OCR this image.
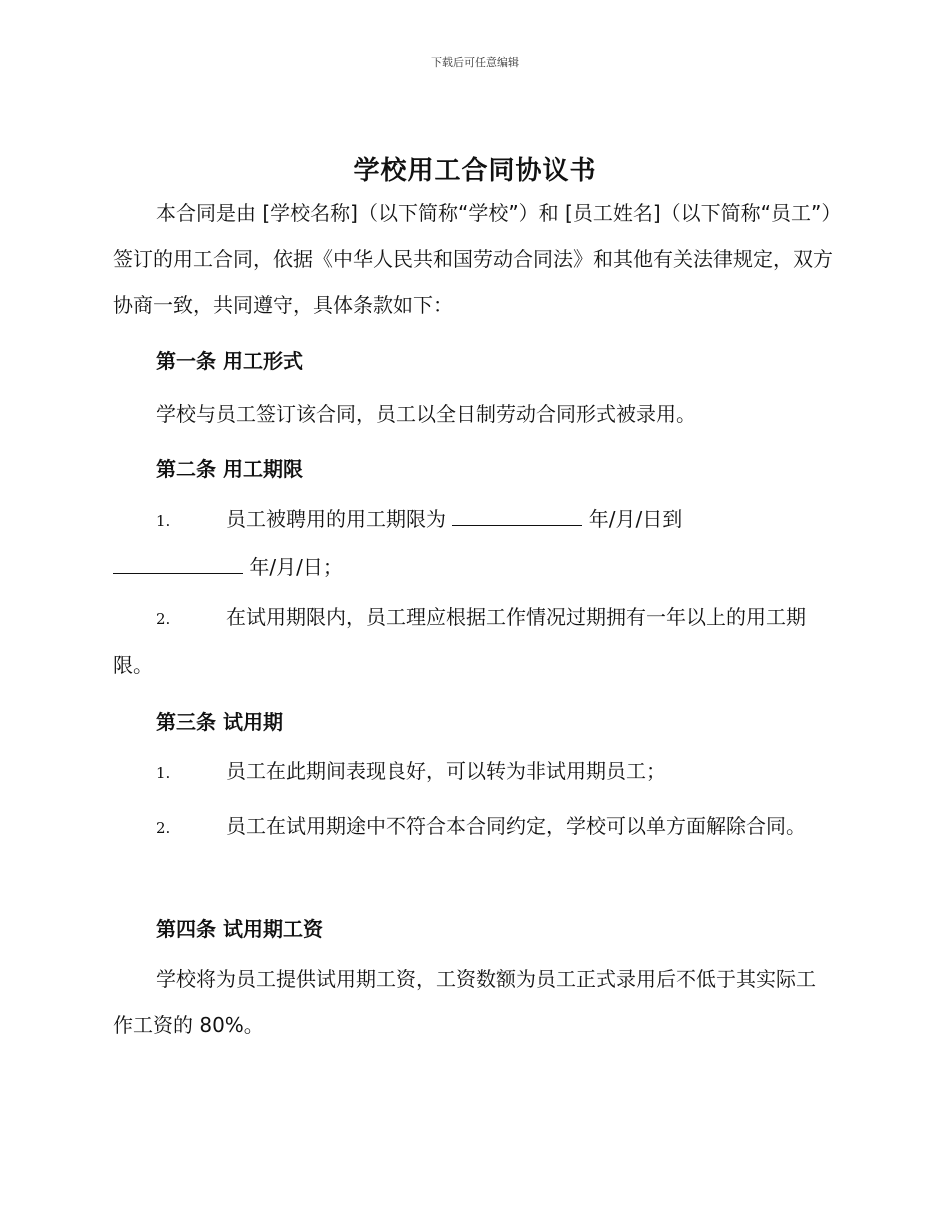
下载后可任意编辑
学校用工合同协议书

本合同是由 [学校名称]（以下简称“学校”）和 [员工姓名]（以下简称“员工”）签订的用工合同，依据《中华人民共和国劳动合同法》和其他有关法律规定，双方协商一致，共同遵守，具体条款如下：

第一条 用工形式
学校与员工签订该合同，员工以全日制劳动合同形式被录用。
第二条 用工期限
1.	员工被聘用的用工期限为	年/月/日到
年/月/日；
2.	在试用期限内，员工理应根据工作情况过期拥有一年以上的用工期限。
第三条 试用期
1.	员工在此期间表现良好，可以转为非试用期员工；
2.	员工在试用期途中不符合本合同约定，学校可以单方面解除合同。
第四条 试用期工资

学校将为员工提供试用期工资，工资数额为员工正式录用后不低于其实际工作工资的 80%。
